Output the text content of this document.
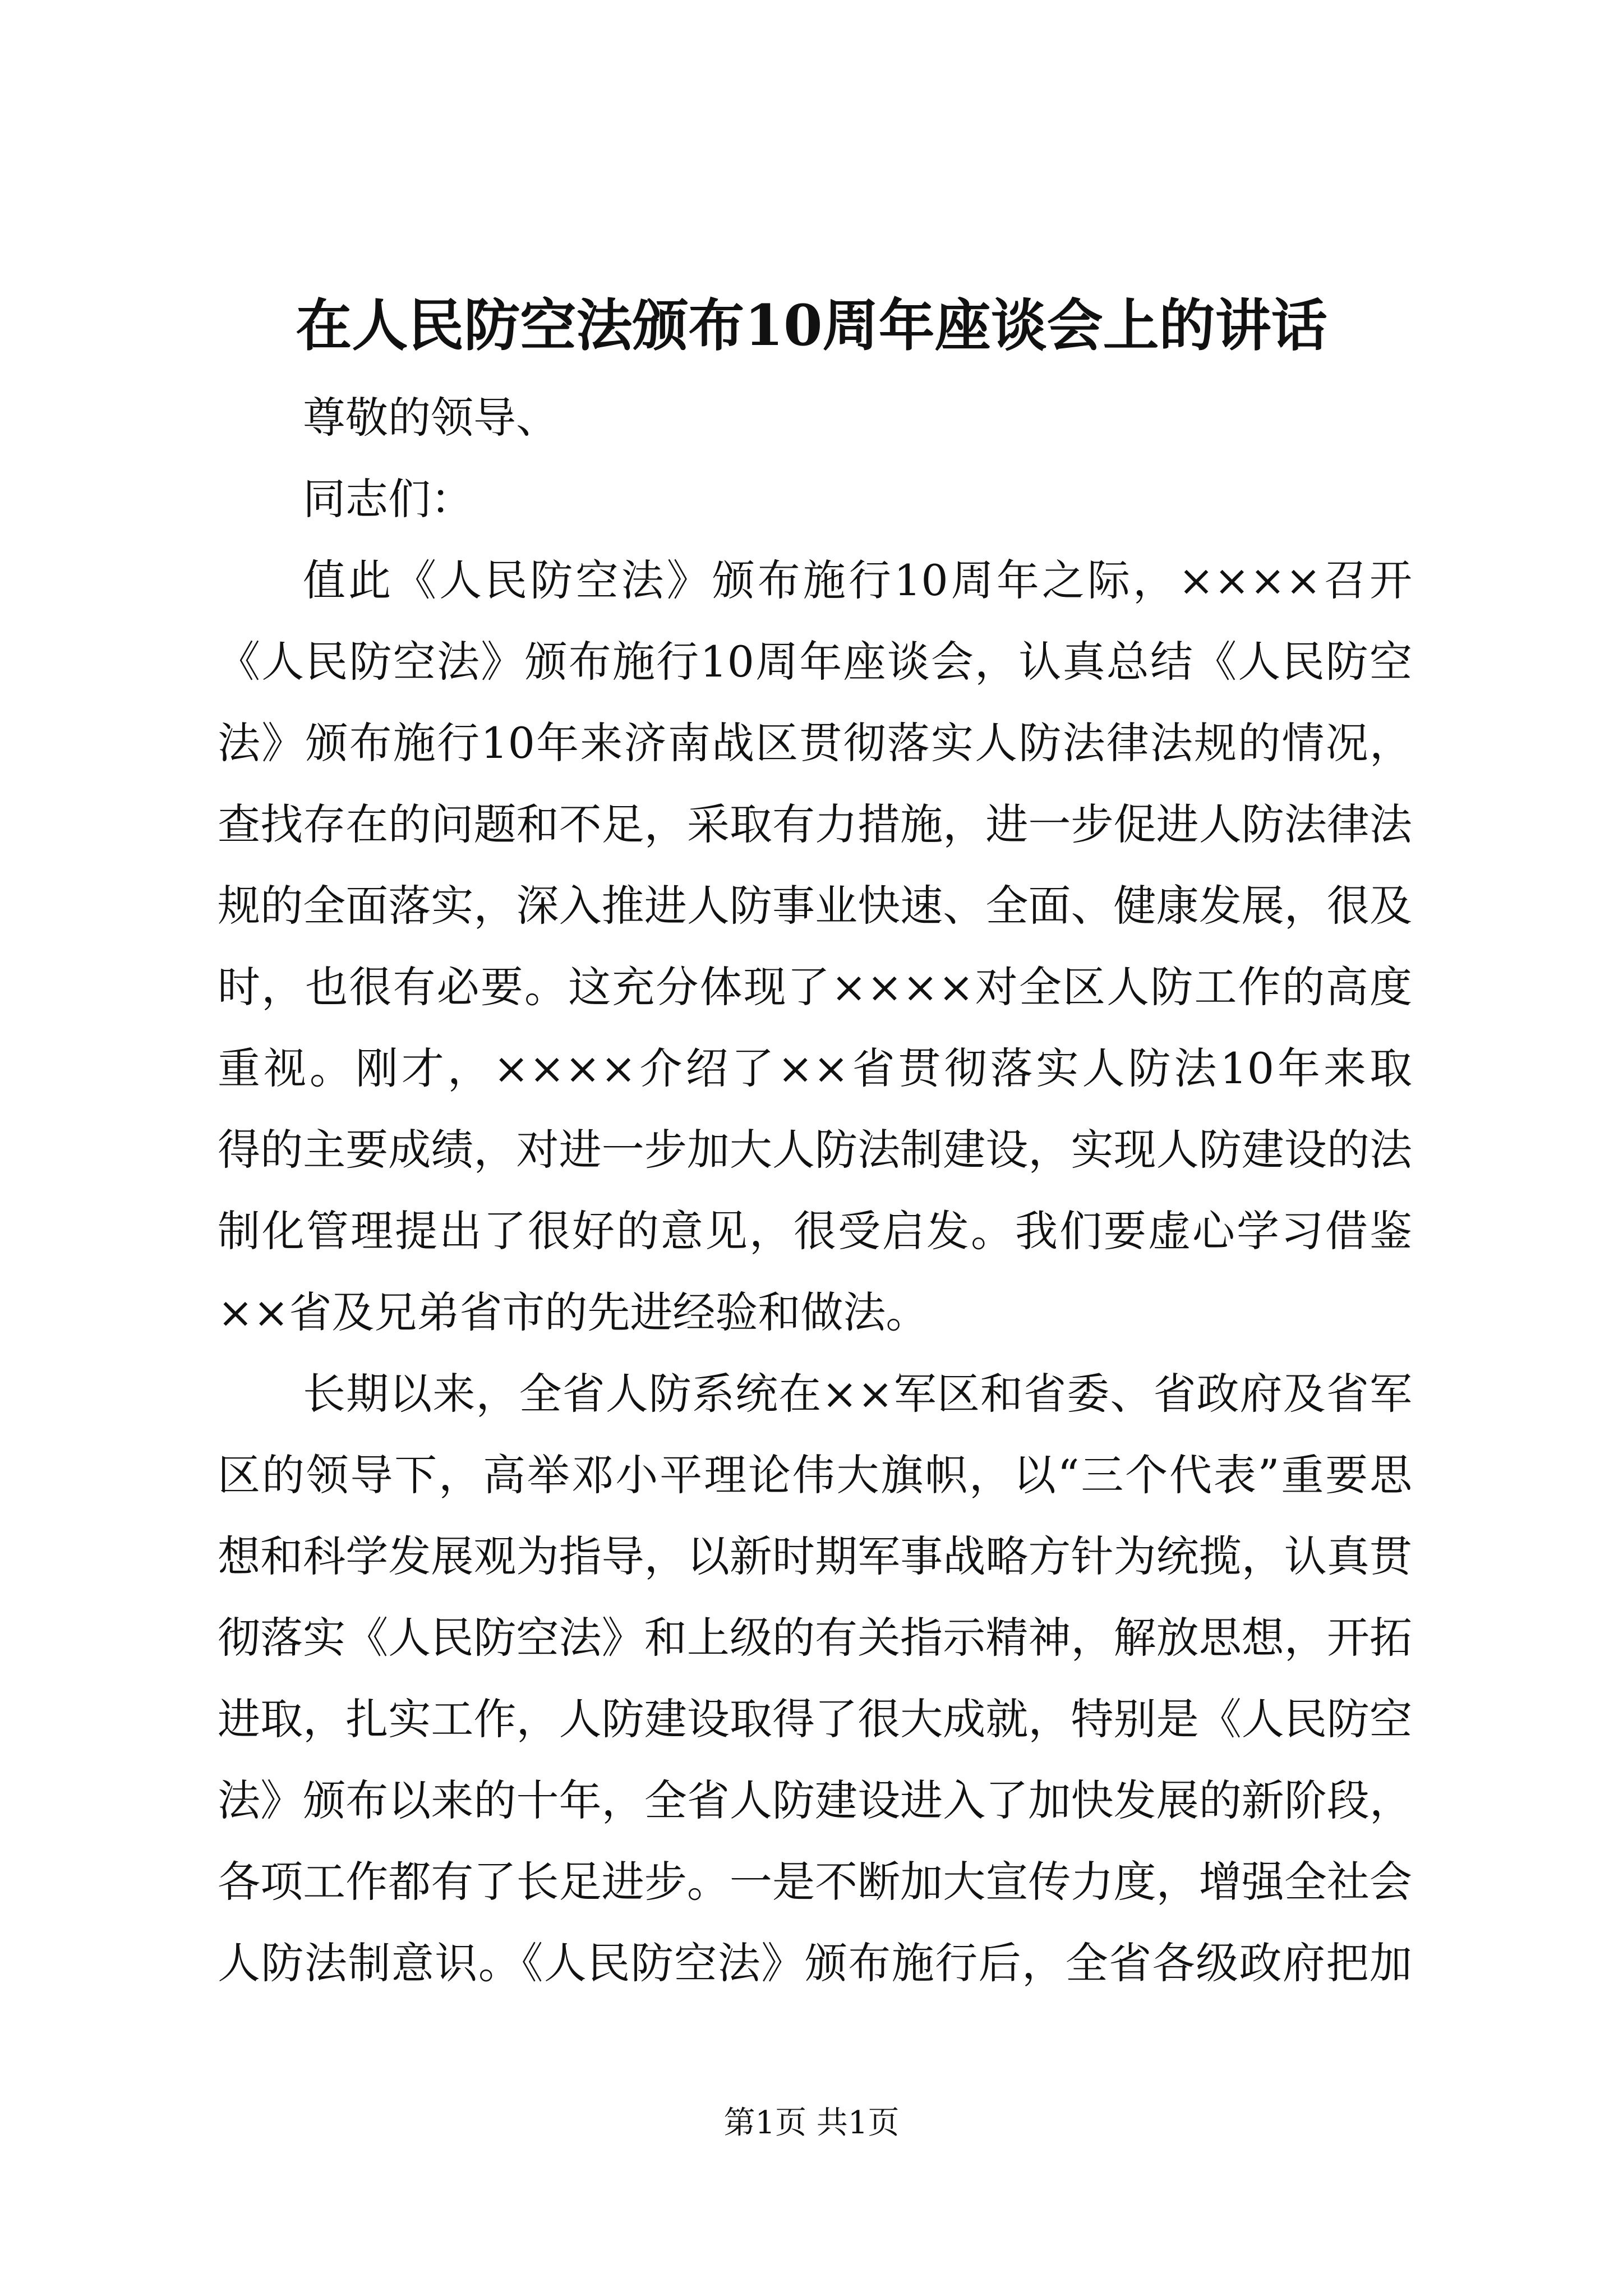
在人民防空法颁布10周年座谈会上的讲话
尊敬的领导、
同志们：
值此《人民防空法》颁布施行10周年之际，××××召开
《人民防空法》颁布施行10周年座谈会，认真总结《人民防空
法》颁布施行10年来济南战区贯彻落实人防法律法规的情况，
查找存在的问题和不足，采取有力措施，进一步促进人防法律法
规的全面落实，深入推进人防事业快速、全面、健康发展，很及
时，也很有必要。这充分体现了××××对全区人防工作的高度
重视。刚才，××××介绍了××省贯彻落实人防法10年来取
得的主要成绩，对进一步加大人防法制建设，实现人防建设的法
制化管理提出了很好的意见，很受启发。我们要虚心学习借鉴
××省及兄弟省市的先进经验和做法。
长期以来，全省人防系统在××军区和省委、省政府及省军
区的领导下，高举邓小平理论伟大旗帜，以“三个代表”重要思
想和科学发展观为指导，以新时期军事战略方针为统揽，认真贯
彻落实《人民防空法》和上级的有关指示精神，解放思想，开拓
进取，扎实工作，人防建设取得了很大成就，特别是《人民防空
法》颁布以来的十年，全省人防建设进入了加快发展的新阶段，
各项工作都有了长足进步。一是不断加大宣传力度，增强全社会
人防法制意识。《人民防空法》颁布施行后，全省各级政府把加
第1页 共1页
